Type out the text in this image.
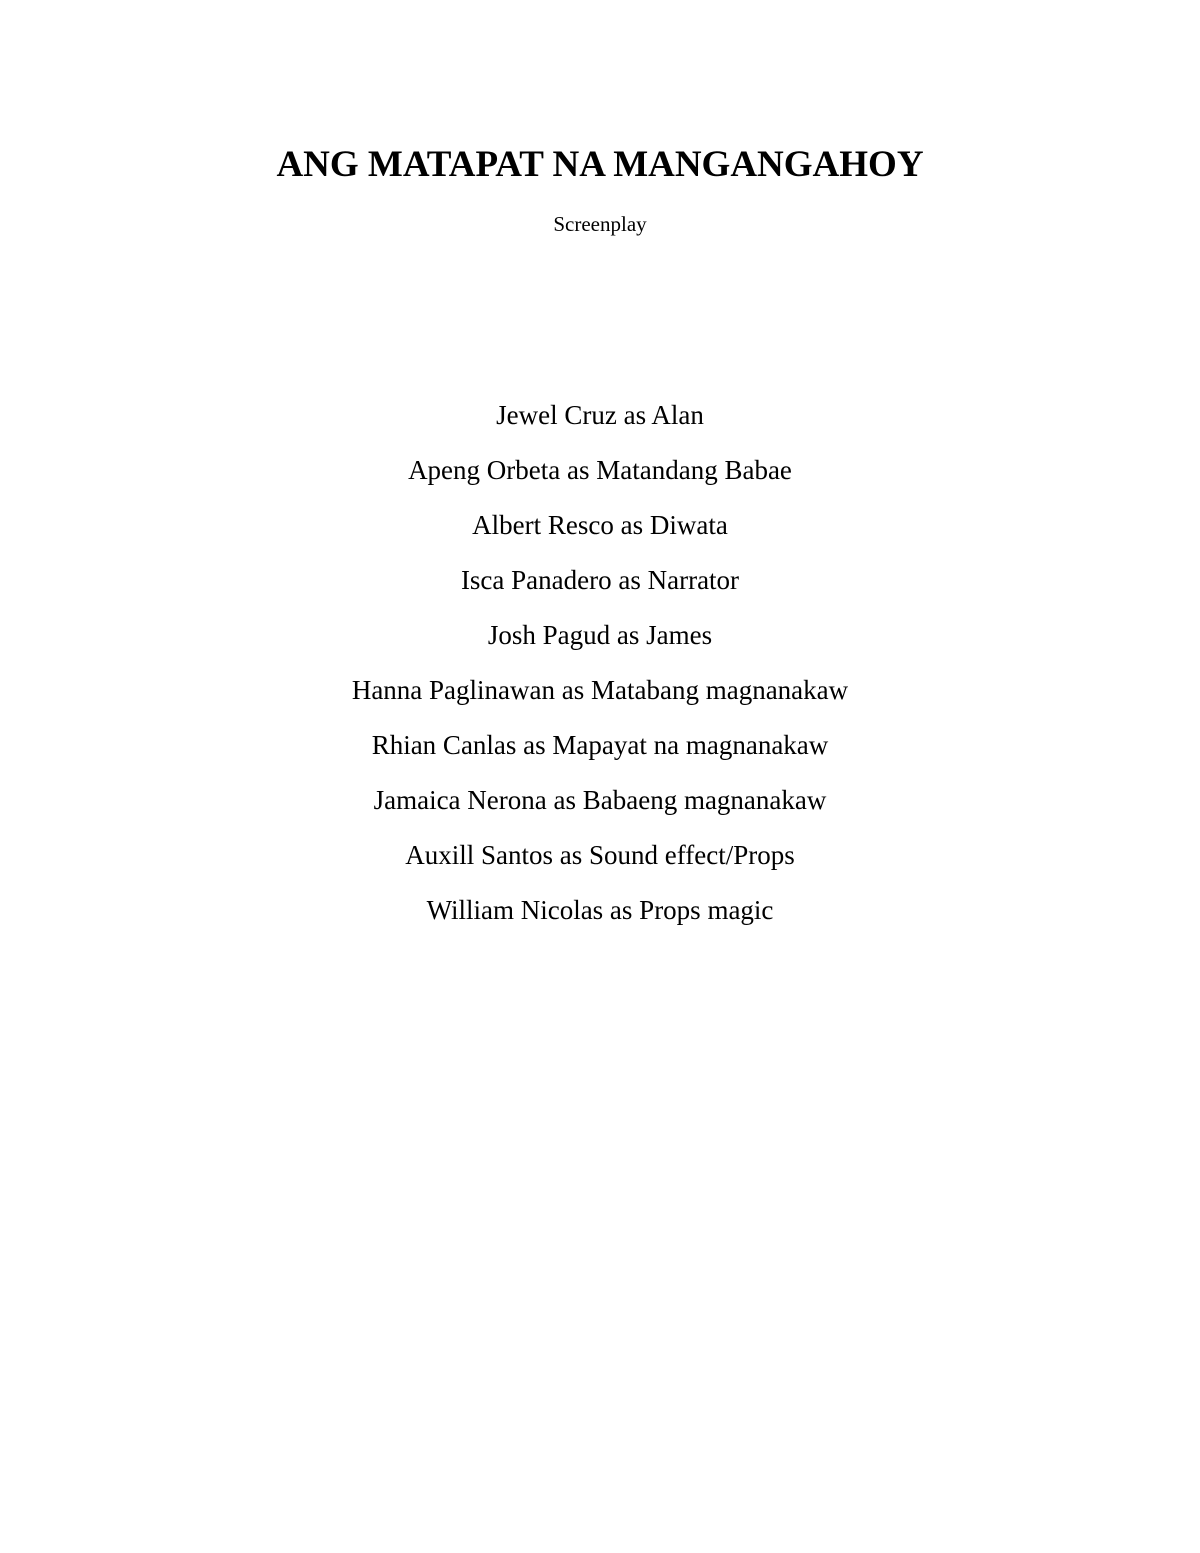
ANG MATAPAT NA MANGANGAHOY

Screenplay

Jewel Cruz as Alan
Apeng Orbeta as Matandang Babae
Albert Resco as Diwata
Isca Panadero as Narrator
Josh Pagud as James
Hanna Paglinawan as Matabang magnanakaw
Rhian Canlas as Mapayat na magnanakaw
Jamaica Nerona as Babaeng magnanakaw
Auxill Santos as Sound effect/Props
William Nicolas as Props magic
